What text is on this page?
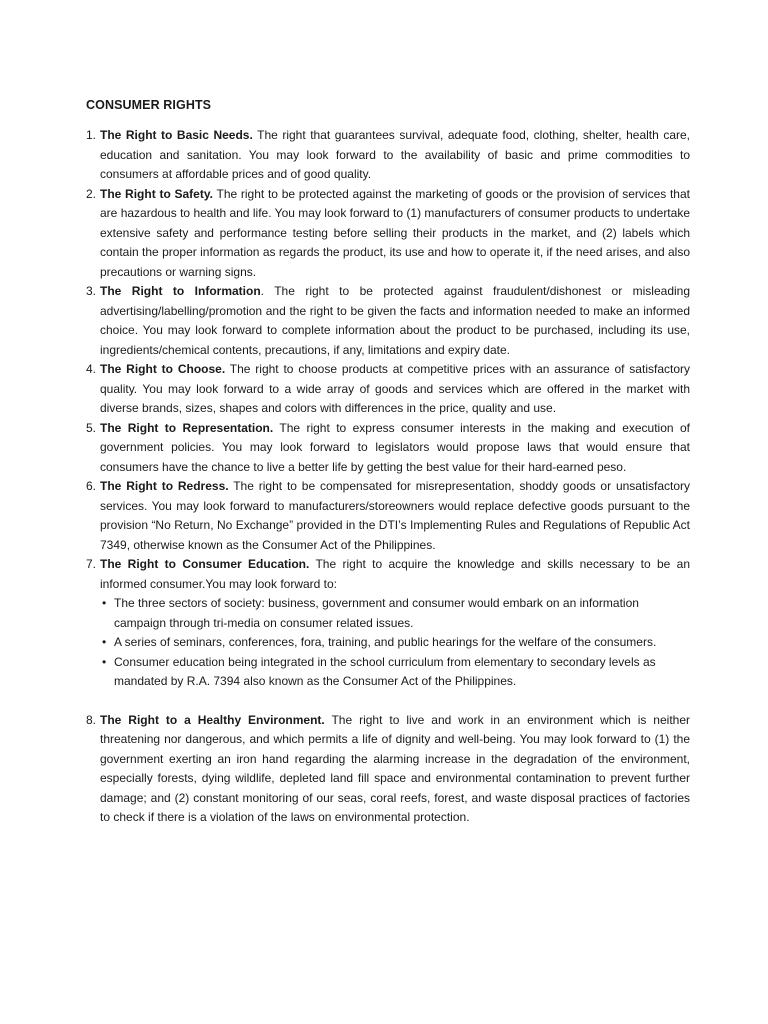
CONSUMER RIGHTS
1. The Right to Basic Needs. The right that guarantees survival, adequate food, clothing, shelter, health care, education and sanitation. You may look forward to the availability of basic and prime commodities to consumers at affordable prices and of good quality.
2. The Right to Safety. The right to be protected against the marketing of goods or the provision of services that are hazardous to health and life. You may look forward to (1) manufacturers of consumer products to undertake extensive safety and performance testing before selling their products in the market, and (2) labels which contain the proper information as regards the product, its use and how to operate it, if the need arises, and also precautions or warning signs.
3. The Right to Information. The right to be protected against fraudulent/dishonest or misleading advertising/labelling/promotion and the right to be given the facts and information needed to make an informed choice. You may look forward to complete information about the product to be purchased, including its use, ingredients/chemical contents, precautions, if any, limitations and expiry date.
4. The Right to Choose. The right to choose products at competitive prices with an assurance of satisfactory quality. You may look forward to a wide array of goods and services which are offered in the market with diverse brands, sizes, shapes and colors with differences in the price, quality and use.
5. The Right to Representation. The right to express consumer interests in the making and execution of government policies. You may look forward to legislators would propose laws that would ensure that consumers have the chance to live a better life by getting the best value for their hard-earned peso.
6. The Right to Redress. The right to be compensated for misrepresentation, shoddy goods or unsatisfactory services. You may look forward to manufacturers/storeowners would replace defective goods pursuant to the provision “No Return, No Exchange” provided in the DTI’s Implementing Rules and Regulations of Republic Act 7349, otherwise known as the Consumer Act of the Philippines.
7. The Right to Consumer Education. The right to acquire the knowledge and skills necessary to be an informed consumer.You may look forward to:
• The three sectors of society: business, government and consumer would embark on an information campaign through tri-media on consumer related issues.
• A series of seminars, conferences, fora, training, and public hearings for the welfare of the consumers.
• Consumer education being integrated in the school curriculum from elementary to secondary levels as mandated by R.A. 7394 also known as the Consumer Act of the Philippines.
8. The Right to a Healthy Environment. The right to live and work in an environment which is neither threatening nor dangerous, and which permits a life of dignity and well-being. You may look forward to (1) the government exerting an iron hand regarding the alarming increase in the degradation of the environment, especially forests, dying wildlife, depleted land fill space and environmental contamination to prevent further damage; and (2) constant monitoring of our seas, coral reefs, forest, and waste disposal practices of factories to check if there is a violation of the laws on environmental protection.
